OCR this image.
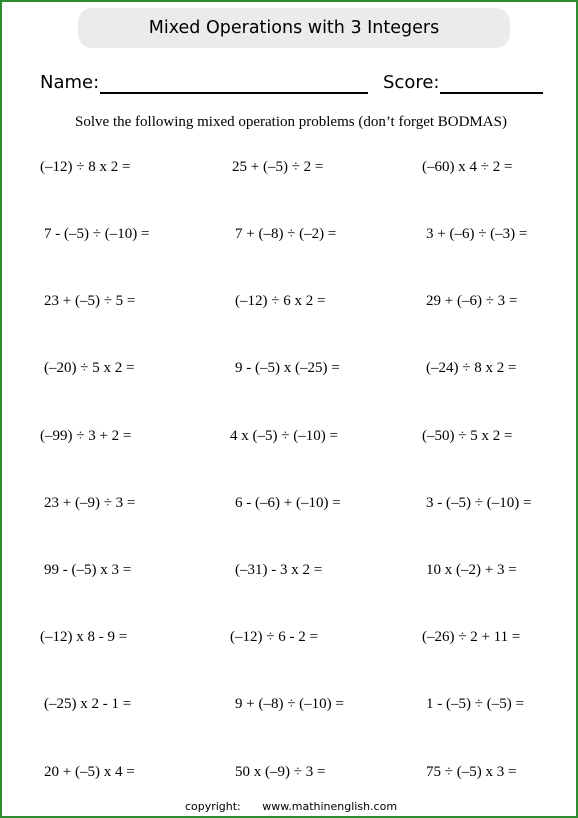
Mixed Operations with 3 Integers
Name:	Score:
Solve the following mixed operation problems (don’t forget BODMAS)
(–12) ÷ 8 x 2 =	25 + (–5) ÷ 2 =	(–60) x 4 ÷ 2 =
7 - (–5) ÷ (–10) =	7 + (–8) ÷ (–2) =	3 + (–6) ÷ (–3) =
23 + (–5) ÷ 5 =	(–12) ÷ 6 x 2 =	29 + (–6) ÷ 3 =
(–20) ÷ 5 x 2 =	9 - (–5) x (–25) =	(–24) ÷ 8 x 2 =
(–99) ÷ 3 + 2 =	4 x (–5) ÷ (–10) =	(–50) ÷ 5 x 2 =
23 + (–9) ÷ 3 =	6 - (–6) + (–10) =	3 - (–5) ÷ (–10) =
99 - (–5) x 3 =	(–31) - 3 x 2 =	10 x (–2) + 3 =
(–12) x 8 - 9 =	(–12) ÷ 6 - 2 =	(–26) ÷ 2 + 11 =
(–25) x 2 - 1 =	9 + (–8) ÷ (–10) =	1 - (–5) ÷ (–5) =
20 + (–5) x 4 =	50 x (–9) ÷ 3 =	75 ÷ (–5) x 3 =
copyright: www.mathinenglish.com
